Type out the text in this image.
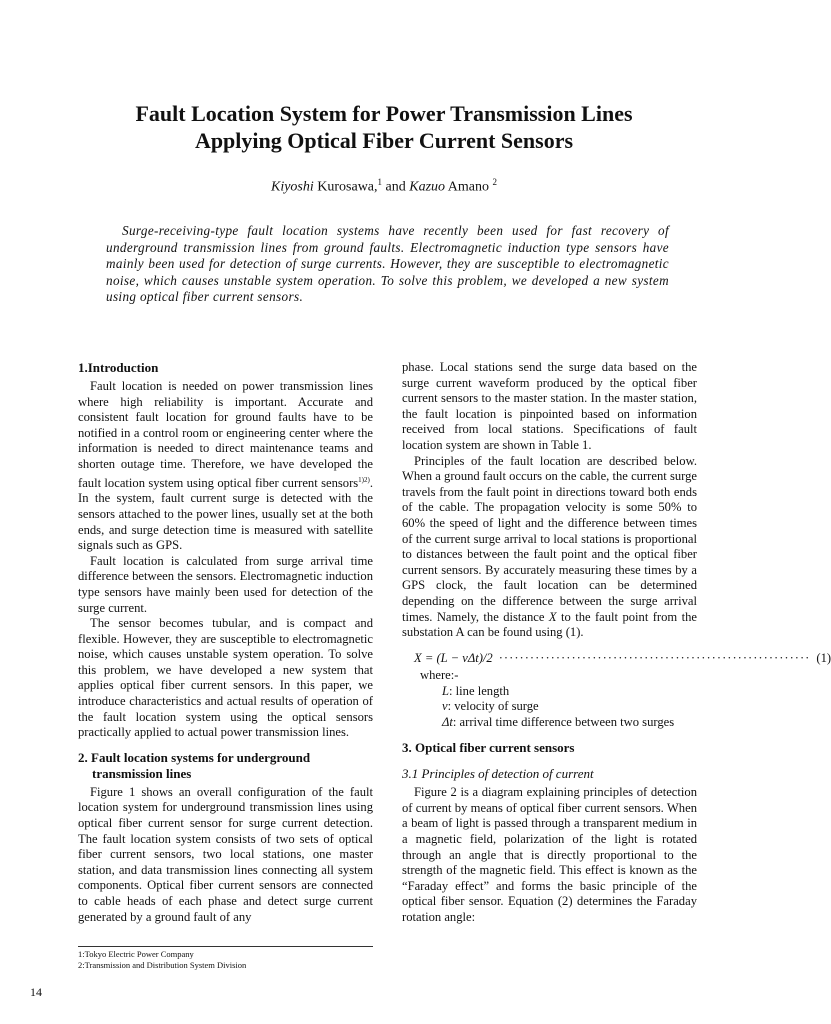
Fault Location System for Power Transmission Lines
Applying Optical Fiber Current Sensors
Kiyoshi Kurosawa,$^1$ and Kazuo Amano $^2$

Surge-receiving-type fault location systems have recently been used for fast recovery of underground transmission lines from ground faults. Electromagnetic induction type sensors have mainly been used for detection of surge currents. However, they are susceptible to electromagnetic noise, which causes unstable system operation. To solve this problem, we developed a new system using optical fiber current sensors.

1.Introduction

Fault location is needed on power transmission lines where high reliability is important. Accurate and consistent fault location for ground faults have to be notified in a control room or engineering center where the information is needed to direct maintenance teams and shorten outage time. Therefore, we have developed the fault location system using optical fiber current sensors$^{1)2)}$. In the system, fault current surge is detected with the sensors attached to the power lines, usually set at the both ends, and surge detection time is measured with satellite signals such as GPS.

Fault location is calculated from surge arrival time difference between the sensors. Electromagnetic induction type sensors have mainly been used for detection of the surge current.

The sensor becomes tubular, and is compact and flexible. However, they are susceptible to electromagnetic noise, which causes unstable system operation. To solve this problem, we have developed a new system that applies optical fiber current sensors. In this paper, we introduce characteristics and actual results of operation of the fault location system using the optical sensors practically applied to actual power transmission lines.

2. Fault location systems for underground transmission lines

Figure 1 shows an overall configuration of the fault location system for underground transmission lines using optical fiber current sensor for surge current detection. The fault location system consists of two sets of optical fiber current sensors, two local stations, one master station, and data transmission lines connecting all system components. Optical fiber current sensors are connected to cable heads of each phase and detect surge current generated by a ground fault of any

phase. Local stations send the surge data based on the surge current waveform produced by the optical fiber current sensors to the master station. In the master station, the fault location is pinpointed based on information received from local stations. Specifications of fault location system are shown in Table 1.

Principles of the fault location are described below. When a ground fault occurs on the cable, the current surge travels from the fault point in directions toward both ends of the cable. The propagation velocity is some 50% to 60% the speed of light and the difference between times of the current surge arrival to local stations is proportional to distances between the fault point and the optical fiber current sensors. By accurately measuring these times by a GPS clock, the fault location can be determined depending on the difference between the surge arrival times. Namely, the distance X to the fault point from the substation A can be found using (1).

X = (L − vΔt)/2 ···························································· (1)
where:-
L: line length
v: velocity of surge
Δt: arrival time difference between two surges
3. Optical fiber current sensors
3.1 Principles of detection of current

Figure 2 is a diagram explaining principles of detection of current by means of optical fiber current sensors. When a beam of light is passed through a transparent medium in a magnetic field, polarization of the light is rotated through an angle that is directly proportional to the strength of the magnetic field. This effect is known as the “Faraday effect” and forms the basic principle of the optical fiber sensor. Equation (2) determines the Faraday rotation angle:

1:Tokyo Electric Power Company
2:Transmission and Distribution System Division
14
